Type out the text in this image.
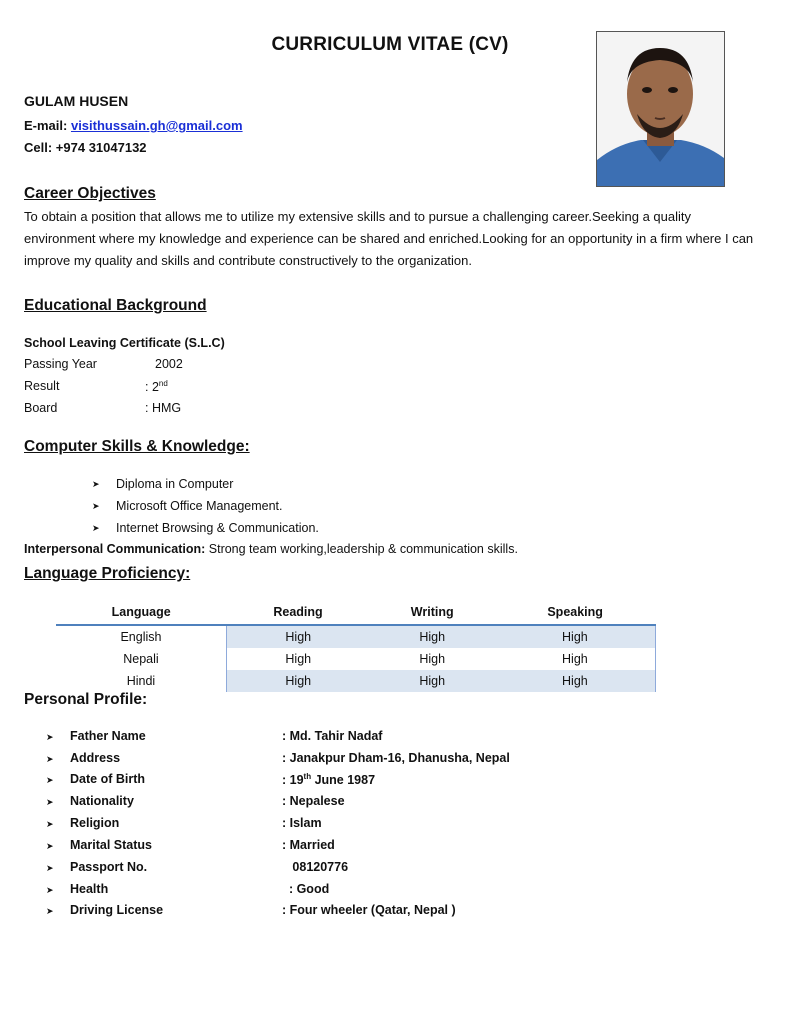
CURRICULUM VITAE (CV)
GULAM HUSEN
E-mail: visithussain.gh@gmail.com
Cell: +974 31047132
Career Objectives
To obtain a position that allows me to utilize my extensive skills and to pursue a challenging career.Seeking a quality environment where my knowledge and experience can be shared and enriched.Looking for an opportunity in a firm where I can improve my quality and skills and contribute constructively to the organization.
Educational Background
School Leaving Certificate (S.L.C)
Passing Year	2002
Result	: 2nd
Board	: HMG
Computer Skills & Knowledge:
➤	Diploma in Computer
➤	Microsoft Office Management.
➤	Internet Browsing & Communication.
Interpersonal Communication: Strong team working,leadership & communication skills.
Language Proficiency:
Language	Reading	Writing	Speaking
English	High	High	High
Nepali	High	High	High
Hindi	High	High	High
Personal Profile:
➤ Father Name	: Md. Tahir Nadaf
➤ Address	: Janakpur Dham-16, Dhanusha, Nepal
➤ Date of Birth	: 19th June 1987
➤ Nationality	: Nepalese
➤ Religion	: Islam
➤ Marital Status	: Married
➤ Passport No.	08120776
➤ Health	: Good
➤ Driving License	: Four wheeler (Qatar, Nepal )
